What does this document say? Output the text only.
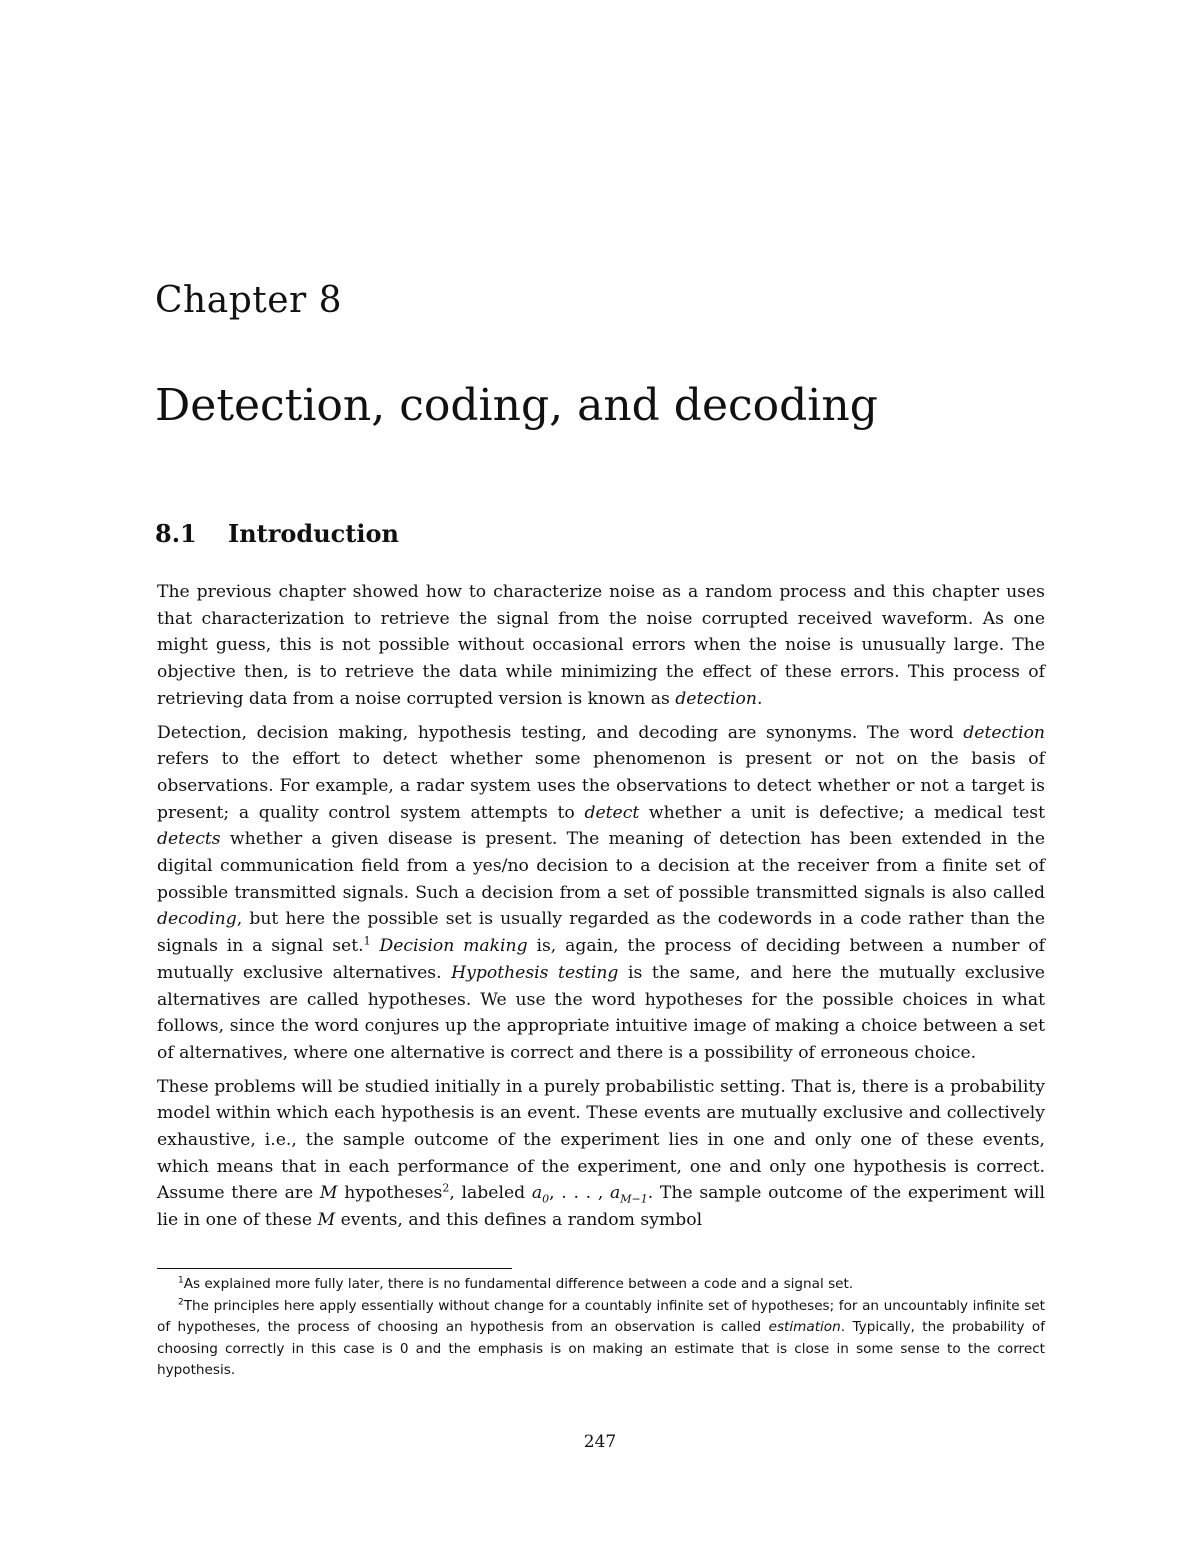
Chapter 8
Detection, coding, and decoding
8.1 Introduction

The previous chapter showed how to characterize noise as a random process and this chapter uses that characterization to retrieve the signal from the noise corrupted received waveform. As one might guess, this is not possible without occasional errors when the noise is unusually large. The objective then, is to retrieve the data while minimizing the effect of these errors. This process of retrieving data from a noise corrupted version is known as detection.

Detection, decision making, hypothesis testing, and decoding are synonyms. The word detection refers to the effort to detect whether some phenomenon is present or not on the basis of observations. For example, a radar system uses the observations to detect whether or not a target is present; a quality control system attempts to detect whether a unit is defective; a medical test detects whether a given disease is present. The meaning of detection has been extended in the digital communication field from a yes/no decision to a decision at the receiver from a finite set of possible transmitted signals. Such a decision from a set of possible transmitted signals is also called decoding, but here the possible set is usually regarded as the codewords in a code rather than the signals in a signal set.$^1$ Decision making is, again, the process of deciding between a number of mutually exclusive alternatives. Hypothesis testing is the same, and here the mutually exclusive alternatives are called hypotheses. We use the word hypotheses for the possible choices in what follows, since the word conjures up the appropriate intuitive image of making a choice between a set of alternatives, where one alternative is correct and there is a possibility of erroneous choice.

These problems will be studied initially in a purely probabilistic setting. That is, there is a probability model within which each hypothesis is an event. These events are mutually exclusive and collectively exhaustive, i.e., the sample outcome of the experiment lies in one and only one of these events, which means that in each performance of the experiment, one and only one hypothesis is correct. Assume there are M hypotheses$^2$, labeled $a_0$, . . . , $a_{M-1}$. The sample outcome of the experiment will lie in one of these M events, and this defines a random symbol

$^1$As explained more fully later, there is no fundamental difference between a code and a signal set.

$^2$The principles here apply essentially without change for a countably infinite set of hypotheses; for an uncountably infinite set of hypotheses, the process of choosing an hypothesis from an observation is called estimation. Typically, the probability of choosing correctly in this case is 0 and the emphasis is on making an estimate that is close in some sense to the correct hypothesis.

247
